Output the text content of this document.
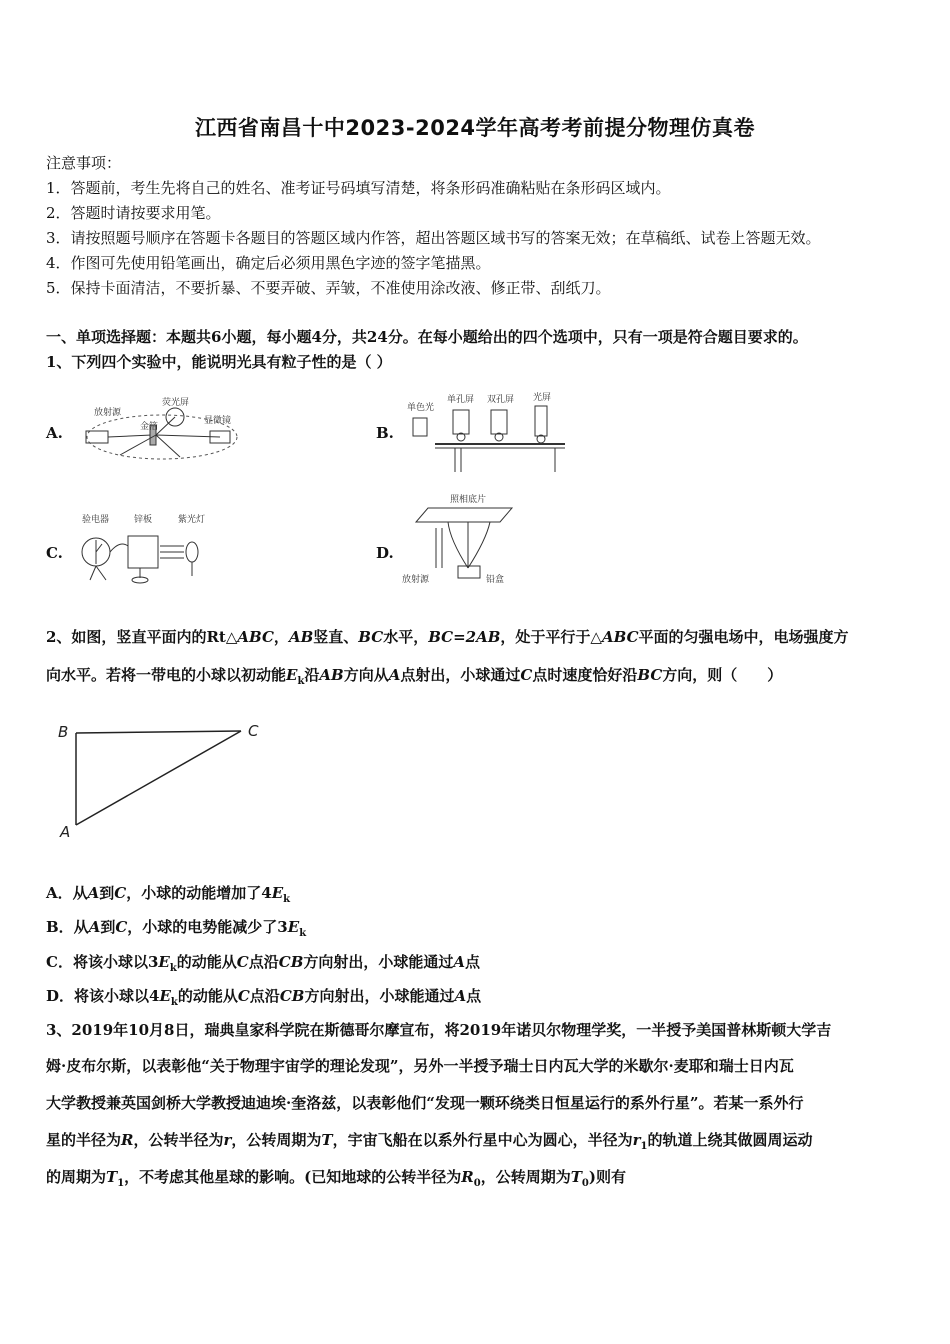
江西省南昌十中2023-2024学年高考考前提分物理仿真卷
注意事项：
1．答题前，考生先将自己的姓名、准考证号码填写清楚，将条形码准确粘贴在条形码区域内。
2．答题时请按要求用笔。
3．请按照题号顺序在答题卡各题目的答题区域内作答，超出答题区域书写的答案无效；在草稿纸、试卷上答题无效。
4．作图可先使用铅笔画出，确定后必须用黑色字迹的签字笔描黑。
5．保持卡面清洁，不要折暴、不要弄破、弄皱，不准使用涂改液、修正带、刮纸刀。
一、单项选择题：本题共6小题，每小题4分，共24分。在每小题给出的四个选项中，只有一项是符合题目要求的。
1、下列四个实验中，能说明光具有粒子性的是（ ）
A.	B.
C.	D.
放射源
荧光屏
金箔
显微镜
单色光
单孔屏 双孔屏 光屏
验电器	锌板	紫光灯
照相底片
放射源	铅盒
2、如图，竖直平面内的Rt△ABC，AB竖直、BC水平，BC=2AB，处于平行于△ABC平面的匀强电场中，电场强度方
向水平。若将一带电的小球以初动能$E_k$沿AB方向从A点射出，小球通过C点时速度恰好沿BC方向，则（　　）
B	C
A
A．从A到C，小球的动能增加了$4E_k$
B．从A到C，小球的电势能减少了$3E_k$
C．将该小球以$3E_k$的动能从C点沿CB方向射出，小球能通过A点
D．将该小球以$4E_k$的动能从C点沿CB方向射出，小球能通过A点
3、2019年10月8日，瑞典皇家科学院在斯德哥尔摩宣布，将2019年诺贝尔物理学奖，一半授予美国普林斯顿大学吉
姆·皮布尔斯，以表彰他“关于物理宇宙学的理论发现”，另外一半授予瑞士日内瓦大学的米歇尔·麦耶和瑞士日内瓦
大学教授兼英国剑桥大学教授迪迪埃·奎洛兹，以表彰他们“发现一颗环绕类日恒星运行的系外行星”。若某一系外行
星的半径为R，公转半径为r，公转周期为T，宇宙飞船在以系外行星中心为圆心，半径为$r_1$的轨道上绕其做圆周运动
的周期为$T_1$，不考虑其他星球的影响。(已知地球的公转半径为$R_0$，公转周期为$T_0$)则有
